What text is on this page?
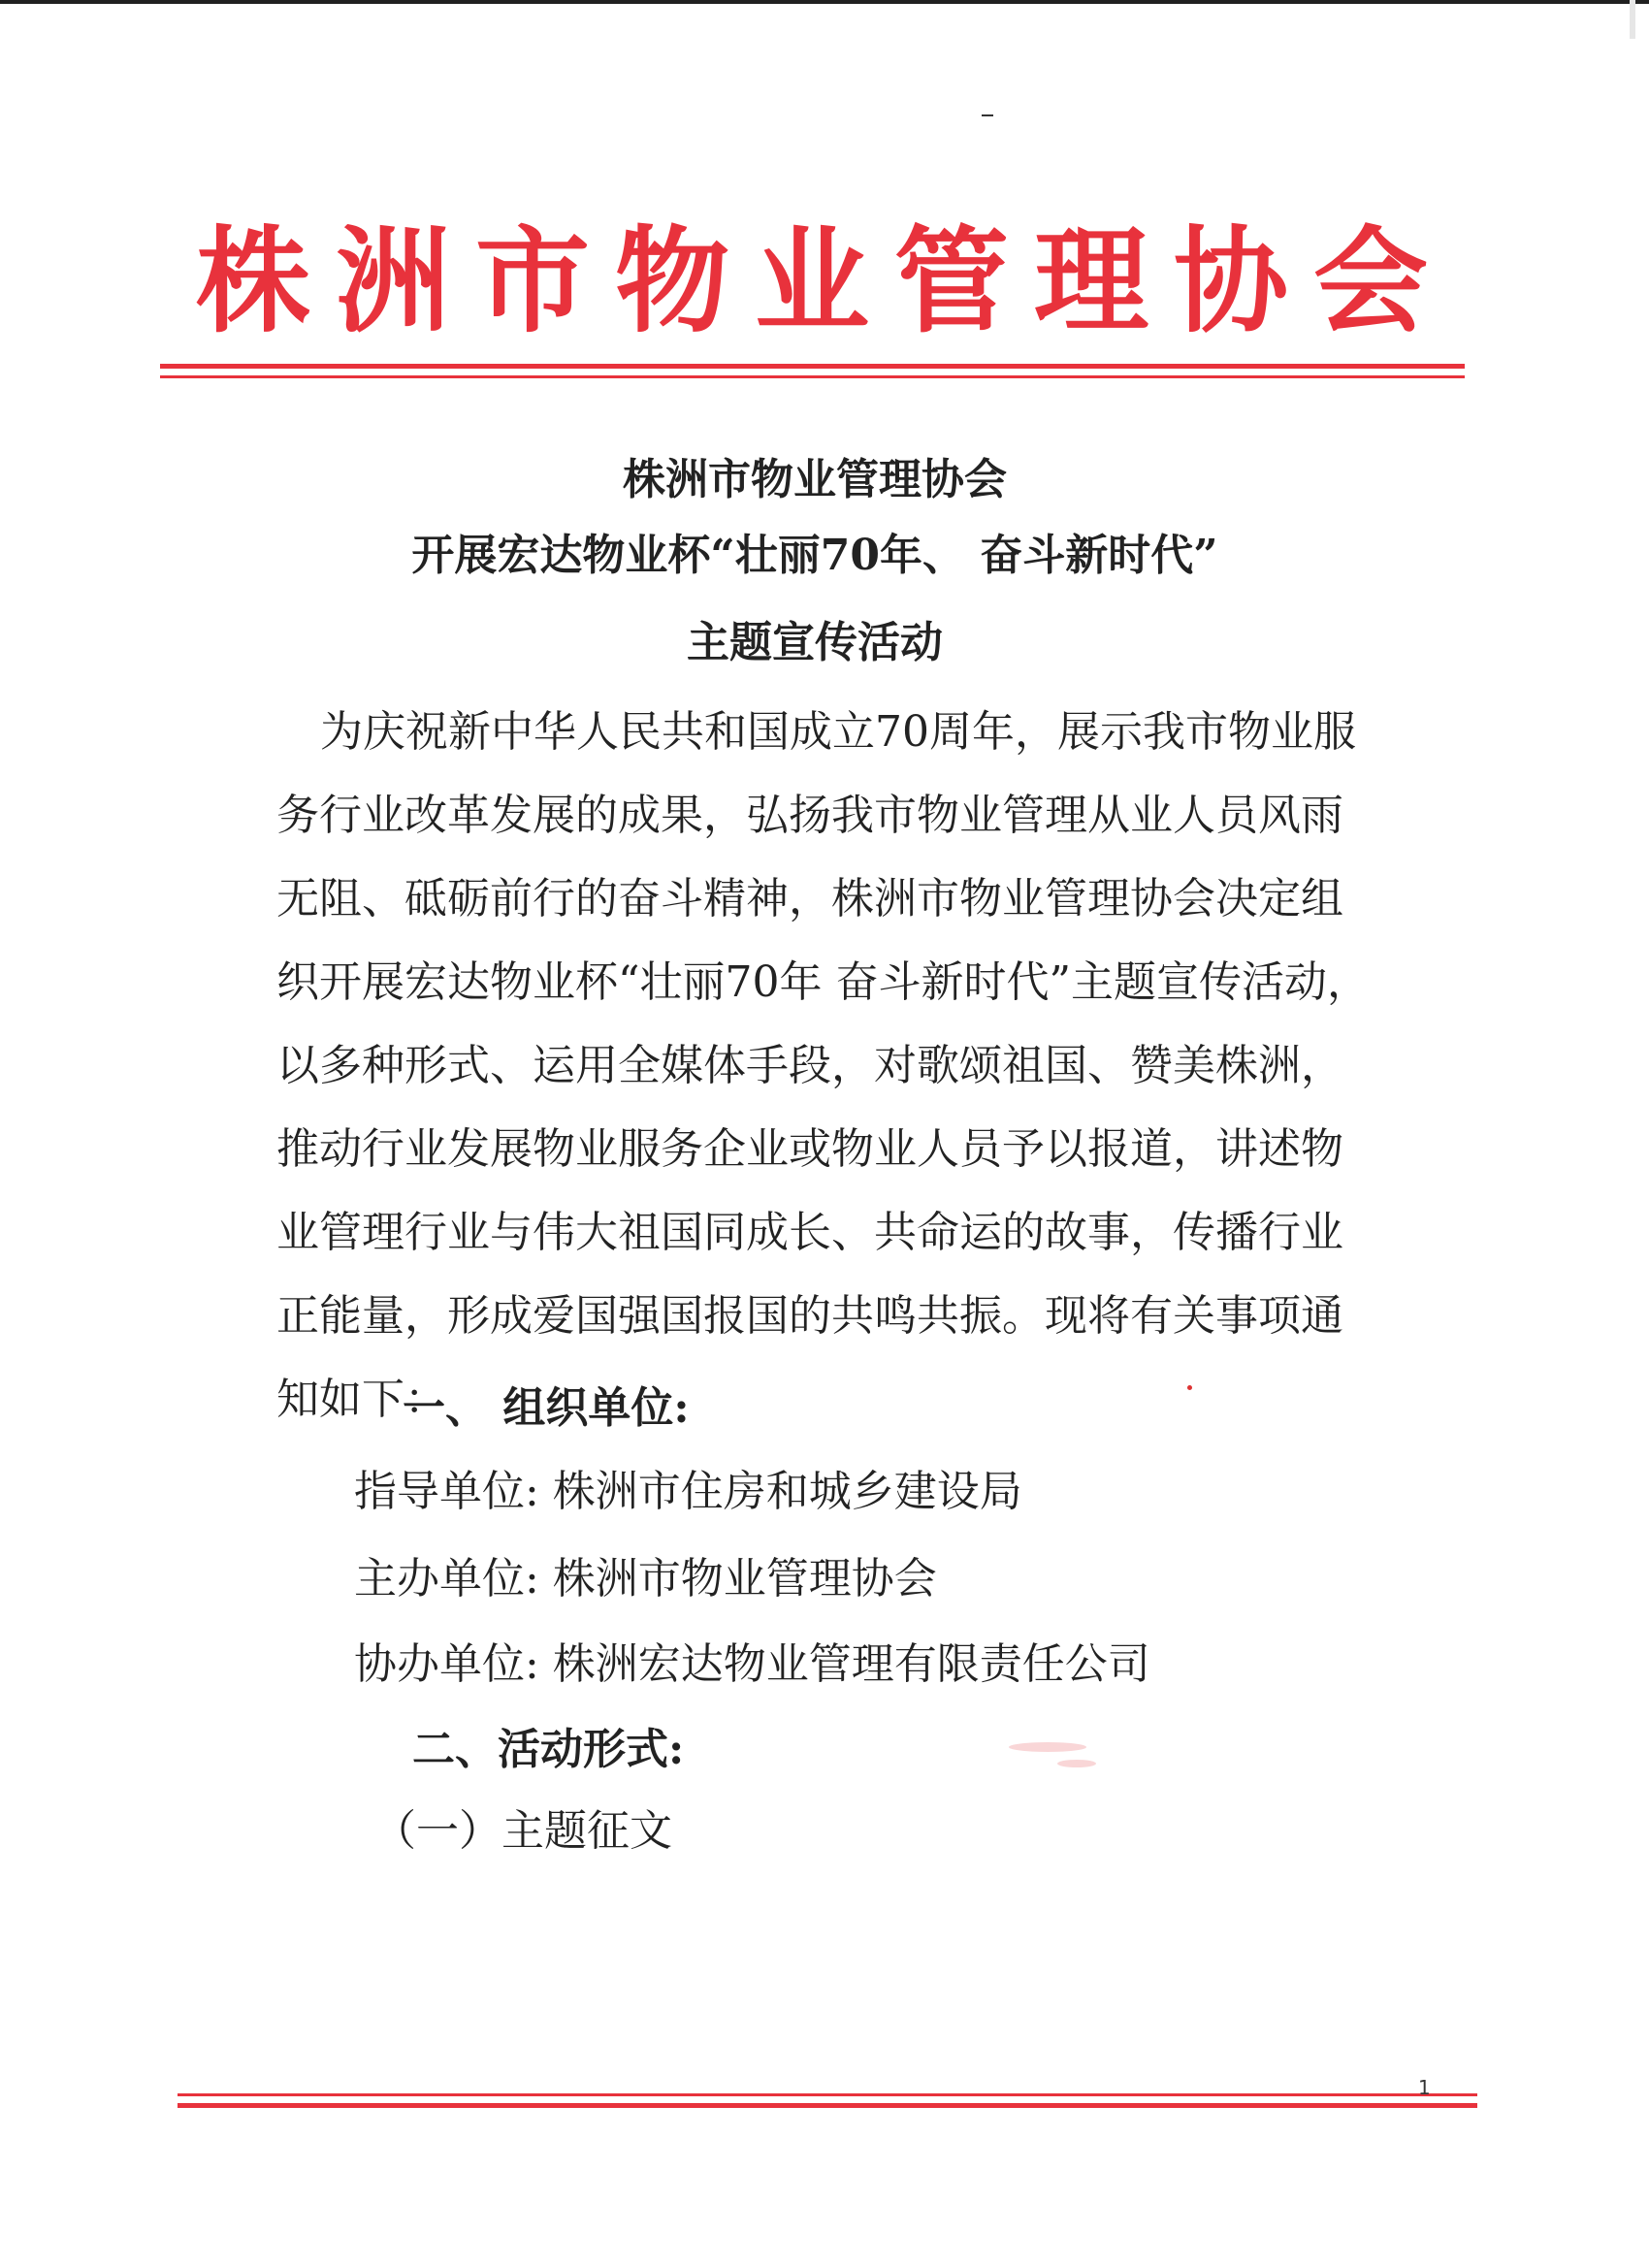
株洲市物业管理协会
株洲市物业管理协会
开展宏达物业杯“壮丽70年、 奋斗新时代”
主题宣传活动
为庆祝新中华人民共和国成立70周年，展示我市物业服务行业改革发展的成果，弘扬我市物业管理从业人员风雨无阻、砥砺前行的奋斗精神，株洲市物业管理协会决定组织开展宏达物业杯“壮丽70年 奋斗新时代”主题宣传活动，以多种形式、运用全媒体手段，对歌颂祖国、赞美株洲，推动行业发展物业服务企业或物业人员予以报道，讲述物业管理行业与伟大祖国同成长、共命运的故事，传播行业正能量，形成爱国强国报国的共鸣共振。现将有关事项通知如下：
一、 组织单位:
指导单位: 株洲市住房和城乡建设局
主办单位: 株洲市物业管理协会
协办单位: 株洲宏达物业管理有限责任公司
二、活动形式:
（一）主题征文
1
